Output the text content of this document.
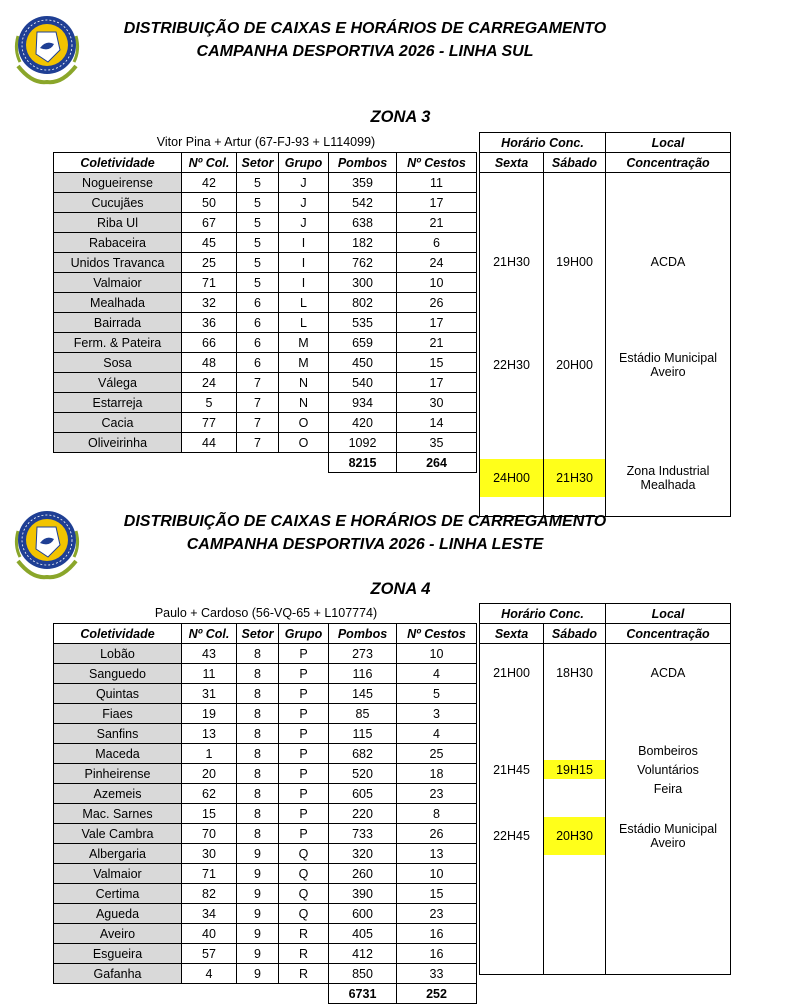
DISTRIBUIÇÃO DE CAIXAS E HORÁRIOS DE CARREGAMENTO
CAMPANHA DESPORTIVA 2026 - LINHA SUL
ZONA 3
Vitor Pina + Artur (67-FJ-93 + L114099)
Coletividade	Nº Col.	Setor	Grupo	Pombos	Nº Cestos
Nogueirense	42	5	J	359	11
Cucujães	50	5	J	542	17
Riba Ul	67	5	J	638	21
Rabaceira	45	5	I	182	6
Unidos Travanca	25	5	I	762	24
Valmaior	71	5	I	300	10
Mealhada	32	6	L	802	26
Bairrada	36	6	L	535	17
Ferm. & Pateira	66	6	M	659	21
Sosa	48	6	M	450	15
Válega	24	7	N	540	17
Estarreja	5	7	N	934	30
Cacia	77	7	O	420	14
Oliveirinha	44	7	O	1092	35
				8215	264
Horário Conc.		Local
Sexta	Sábado	Concentração
21H30	19H00	ACDA
22H30	20H00	Estádio Municipal
Aveiro

24H00	21H30	Zona Industrial
Mealhada

DISTRIBUIÇÃO DE CAIXAS E HORÁRIOS DE CARREGAMENTO
CAMPANHA DESPORTIVA 2026 - LINHA LESTE
ZONA 4
Paulo + Cardoso (56-VQ-65 + L107774)
Coletividade	Nº Col.	Setor	Grupo	Pombos	Nº Cestos
Lobão	43	8	P	273	10
Sanguedo	11	8	P	116	4
Quintas	31	8	P	145	5
Fiaes	19	8	P	85	3
Sanfins	13	8	P	115	4
Maceda	1	8	P	682	25
Pinheirense	20	8	P	520	18
Azemeis	62	8	P	605	23
Mac. Sarnes	15	8	P	220	8
Vale Cambra	70	8	P	733	26
Albergaria	30	9	Q	320	13
Valmaior	71	9	Q	260	10
Certima	82	9	Q	390	15
Agueda	34	9	Q	600	23
Aveiro	40	9	R	405	16
Esgueira	57	9	R	412	16
Gafanha	4	9	R	850	33
				6731	252
Horário Conc.		Local
Sexta	Sábado	Concentração

21H00	18H30	ACDA

		Bombeiros
21H45	19H15	Voluntários
		Feira

22H45	20H30	Estádio Municipal
Aveiro
